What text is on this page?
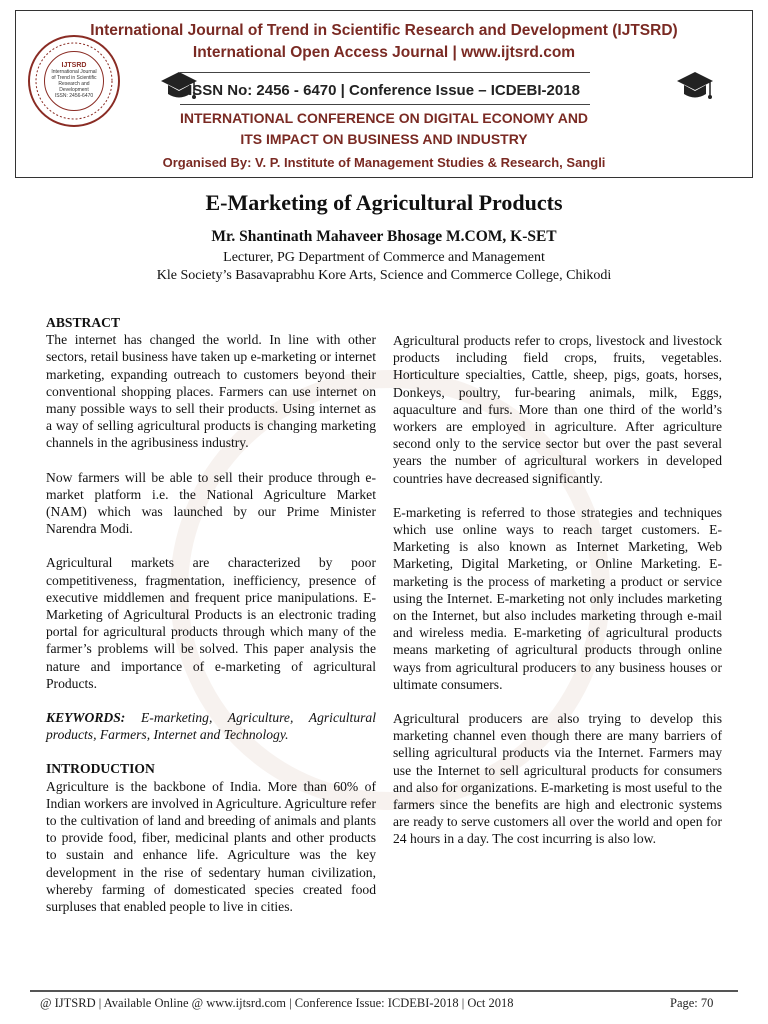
IJTSRD
International Journal
of Trend in Scientific
Research and
Development
ISSN: 2456-6470
International Journal of Trend in Scientific Research and Development (IJTSRD)
International Open Access Journal | www.ijtsrd.com
ISSN No: 2456 - 6470 | Conference Issue – ICDEBI-2018
INTERNATIONAL CONFERENCE ON DIGITAL ECONOMY AND
ITS IMPACT ON BUSINESS AND INDUSTRY
Organised By: V. P. Institute of Management Studies & Research, Sangli
E-Marketing of Agricultural Products
Mr. Shantinath Mahaveer Bhosage M.COM, K-SET
Lecturer, PG Department of Commerce and Management
Kle Society’s Basavaprabhu Kore Arts, Science and Commerce College, Chikodi
ABSTRACT

The internet has changed the world. In line with other sectors, retail business have taken up e-marketing or internet marketing, expanding outreach to customers beyond their conventional shopping places. Farmers can use internet on many possible ways to sell their products. Using internet as a way of selling agricultural products is changing marketing channels in the agribusiness industry.

Now farmers will be able to sell their produce through e-market platform i.e. the National Agriculture Market (NAM) which was launched by our Prime Minister Narendra Modi.

Agricultural markets are characterized by poor competitiveness, fragmentation, inefficiency, presence of executive middlemen and frequent price manipulations. E-Marketing of Agricultural Products is an electronic trading portal for agricultural products through which many of the farmer’s problems will be solved. This paper analysis the nature and importance of e-marketing of agricultural Products.

KEYWORDS: E-marketing, Agriculture, Agricultural products, Farmers, Internet and Technology.

INTRODUCTION

Agriculture is the backbone of India. More than 60% of Indian workers are involved in Agriculture. Agriculture refer to the cultivation of land and breeding of animals and plants to provide food, fiber, medicinal plants and other products to sustain and enhance life. Agriculture was the key development in the rise of sedentary human civilization, whereby farming of domesticated species created food surpluses that enabled people to live in cities.

Agricultural products refer to crops, livestock and livestock products including field crops, fruits, vegetables. Horticulture specialties, Cattle, sheep, pigs, goats, horses, Donkeys, poultry, fur-bearing animals, milk, Eggs, aquaculture and furs. More than one third of the world’s workers are employed in agriculture. After agriculture second only to the service sector but over the past several years the number of agricultural workers in developed countries have decreased significantly.

E-marketing is referred to those strategies and techniques which use online ways to reach target customers. E-Marketing is also known as Internet Marketing, Web Marketing, Digital Marketing, or Online Marketing. E-marketing is the process of marketing a product or service using the Internet. E-marketing not only includes marketing on the Internet, but also includes marketing through e-mail and wireless media. E-marketing of agricultural products means marketing of agricultural products through online ways from agricultural producers to any business houses or ultimate consumers.

Agricultural producers are also trying to develop this marketing channel even though there are many barriers of selling agricultural products via the Internet. Farmers may use the Internet to sell agricultural products for consumers and also for organizations. E-marketing is most useful to the farmers since the benefits are high and electronic systems are ready to serve customers all over the world and open for 24 hours in a day. The cost incurring is also low.

@ IJTSRD | Available Online @ www.ijtsrd.com | Conference Issue: ICDEBI-2018 | Oct 2018	Page: 70
